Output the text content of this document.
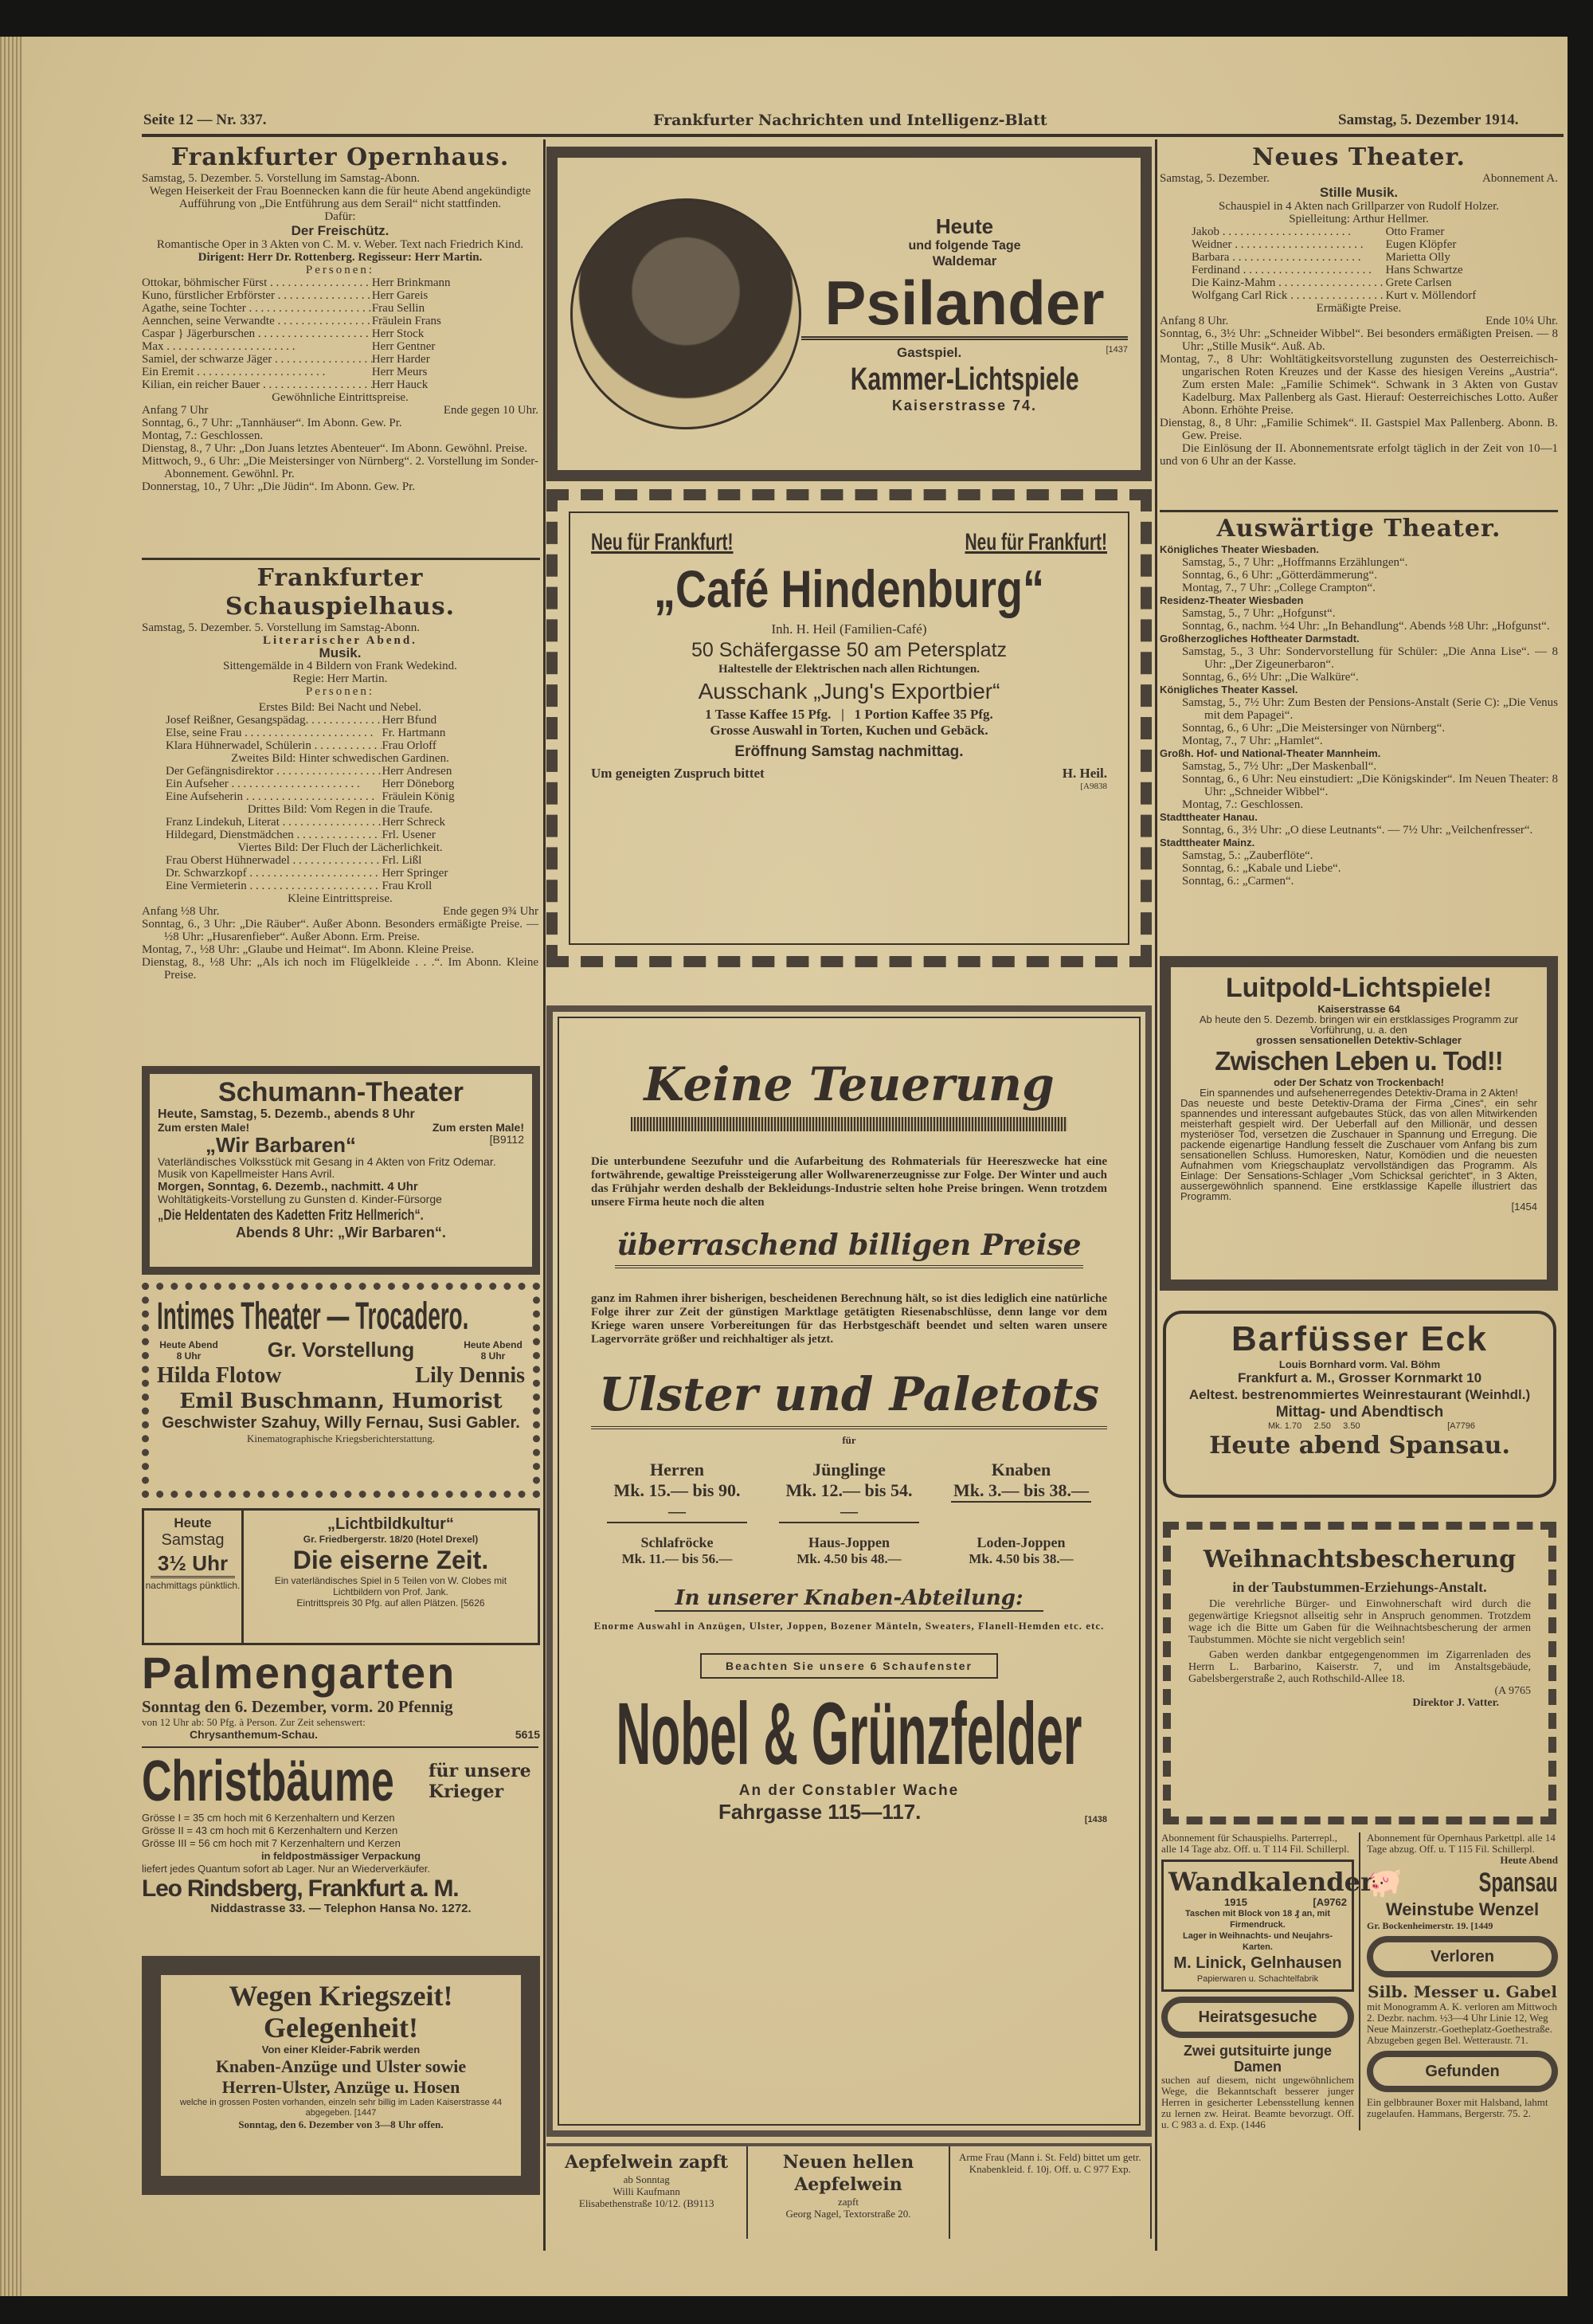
Seite 12 — Nr. 337.	Frankfurter Nachrichten und Intelligenz-Blatt	Samstag, 5. Dezember 1914.
Frankfurter Opernhaus.
Samstag, 5. Dezember. 5. Vorstellung im Samstag-Abonn.
Wegen Heiserkeit der Frau Boennecken kann die für heute Abend angekündigte Aufführung von „Die Entführung aus dem Serail“ nicht stattfinden.
Dafür:
Der Freischütz.
Romantische Oper in 3 Akten von C. M. v. Weber. Text nach Friedrich Kind.
Dirigent: Herr Dr. Rottenberg. Regisseur: Herr Martin.
Personen:
Ottokar, böhmischer Fürst . . .	Herr Brinkmann
Kuno, fürstlicher Erbförster . . .	Herr Gareis
Agathe, seine Tochter . . .	Frau Sellin
Aennchen, seine Verwandte . . .	Fräulein Frans
Caspar } Jägerburschen . . .	Herr Stock
Max . . .	Herr Gentner
Samiel, der schwarze Jäger . . .	Herr Harder
Ein Eremit . . .	Herr Meurs
Kilian, ein reicher Bauer . . .	Herr Hauck
Gewöhnliche Eintrittspreise.
Anfang 7 Uhr	Ende gegen 10 Uhr.
Sonntag, 6., 7 Uhr: „Tannhäuser“. Im Abonn. Gew. Pr.
Montag, 7.: Geschlossen.
Dienstag, 8., 7 Uhr: „Don Juans letztes Abenteuer“. Im Abonn. Gewöhnl. Preise.
Mittwoch, 9., 6 Uhr: „Die Meistersinger von Nürnberg“. 2. Vorstellung im Sonder-Abonnement. Gewöhnl. Pr.
Donnerstag, 10., 7 Uhr: „Die Jüdin“. Im Abonn. Gew. Pr.
Frankfurter Schauspielhaus.
Samstag, 5. Dezember. 5. Vorstellung im Samstag-Abonn.
Literarischer Abend.
Musik.
Sittengemälde in 4 Bildern von Frank Wedekind.
Regie: Herr Martin.
Personen:
Erstes Bild: Bei Nacht und Nebel.
Josef Reißner, Gesangspädag. . . .	Herr Bfund
Else, seine Frau . . .	Fr. Hartmann
Klara Hühnerwadel, Schülerin . . .	Frau Orloff
Zweites Bild: Hinter schwedischen Gardinen.
Der Gefängnisdirektor . . .	Herr Andresen
Ein Aufseher . . .	Herr Döneborg
Eine Aufseherin . . .	Fräulein König
Drittes Bild: Vom Regen in die Traufe.
Franz Lindekuh, Literat . . .	Herr Schreck
Hildegard, Dienstmädchen . . .	Frl. Usener
Viertes Bild: Der Fluch der Lächerlichkeit.
Frau Oberst Hühnerwadel . . .	Frl. Lißl
Dr. Schwarzkopf . . .	Herr Springer
Eine Vermieterin . . .	Frau Kroll
Kleine Eintrittspreise.
Anfang ½8 Uhr.	Ende gegen 9¾ Uhr
Sonntag, 6., 3 Uhr: „Die Räuber“. Außer Abonn. Besonders ermäßigte Preise. — ½8 Uhr: „Husarenfieber“. Außer Abonn. Erm. Preise.
Montag, 7., ½8 Uhr: „Glaube und Heimat“. Im Abonn. Kleine Preise.
Dienstag, 8., ½8 Uhr: „Als ich noch im Flügelkleide . . .“. Im Abonn. Kleine Preise.
Schumann-Theater
Heute, Samstag, 5. Dezemb., abends 8 Uhr
Zum ersten Male!	Zum ersten Male!
„Wir Barbaren“	[B9112
Vaterländisches Volksstück mit Gesang in 4 Akten von Fritz Odemar. Musik von Kapellmeister Hans Avril.
Morgen, Sonntag, 6. Dezemb., nachmitt. 4 Uhr
Wohltätigkeits-Vorstellung zu Gunsten d. Kinder-Fürsorge
„Die Heldentaten des Kadetten Fritz Hellmerich“.
Abends 8 Uhr: „Wir Barbaren“.
Intimes Theater — Trocadero.
Heute Abend 8 Uhr	Gr. Vorstellung	Heute Abend 8 Uhr
Hilda Flotow	Lily Dennis
Emil Buschmann, Humorist
Geschwister Szahuy, Willy Fernau, Susi Gabler.
Kinematographische Kriegsberichterstattung.
Heute
Samstag
3½ Uhr
nachmittags pünktlich.
„Lichtbildkultur“
Gr. Friedbergerstr. 18/20 (Hotel Drexel)
Die eiserne Zeit.
Ein vaterländisches Spiel in 5 Teilen von W. Clobes mit Lichtbildern von Prof. Jank.
Eintrittspreis 30 Pfg. auf allen Plätzen. [5626
Palmengarten
Sonntag den 6. Dezember, vorm. 20 Pfennig
von 12 Uhr ab: 50 Pfg. à Person. Zur Zeit sehenswert:
Chrysanthemum-Schau.	5615
Christbäume für unsere Krieger
Grösse I = 35 cm hoch mit 6 Kerzenhaltern und Kerzen
Grösse II = 43 cm hoch mit 6 Kerzenhaltern und Kerzen
Grösse III = 56 cm hoch mit 7 Kerzenhaltern und Kerzen
in feldpostmässiger Verpackung
liefert jedes Quantum sofort ab Lager. Nur an Wiederverkäufer.
Leo Rindsberg, Frankfurt a. M.
Niddastrasse 33. — Telephon Hansa No. 1272.
Wegen Kriegszeit!
Gelegenheit!
Von einer Kleider-Fabrik werden
Knaben-Anzüge und Ulster sowie
Herren-Ulster, Anzüge u. Hosen
welche in grossen Posten vorhanden, einzeln sehr billig im Laden Kaiserstrasse 44 abgegeben. [1447
Sonntag, den 6. Dezember von 3—8 Uhr offen.
Heute
und folgende Tage
Waldemar
Psilander
Gastspiel.	[1437
Kammer-Lichtspiele
Kaiserstrasse 74.
Neu für Frankfurt!	Neu für Frankfurt!
„Café Hindenburg“
Inh. H. Heil (Familien-Café)
50 Schäfergasse 50 am Petersplatz
Haltestelle der Elektrischen nach allen Richtungen.
Ausschank „Jung's Exportbier“
1 Tasse Kaffee 15 Pfg.   |   1 Portion Kaffee 35 Pfg.
Grosse Auswahl in Torten, Kuchen und Gebäck.
Eröffnung Samstag nachmittag.
Um geneigten Zuspruch bittet	H. Heil.
[A9838
Keine Teuerung
Die unterbundene Seezufuhr und die Aufarbeitung des Rohmaterials für Heereszwecke hat eine fortwährende, gewaltige Preissteigerung aller Wollwarenerzeugnisse zur Folge. Der Winter und auch das Frühjahr werden deshalb der Bekleidungs-Industrie selten hohe Preise bringen. Wenn trotzdem unsere Firma heute noch die alten
überraschend billigen Preise
ganz im Rahmen ihrer bisherigen, bescheidenen Berechnung hält, so ist dies lediglich eine natürliche Folge ihrer zur Zeit der günstigen Marktlage getätigten Riesenabschlüsse, denn lange vor dem Kriege waren unsere Vorbereitungen für das Herbstgeschäft beendet und selten waren unsere Lagervorräte größer und reichhaltiger als jetzt.
Ulster und Paletots
für
Herren
Mk. 15.— bis 90.—
Jünglinge
Mk. 12.— bis 54.—
Knaben
Mk. 3.— bis 38.—
Schlafröcke
Mk. 11.— bis 56.—
Haus-Joppen
Mk. 4.50 bis 48.—
Loden-Joppen
Mk. 4.50 bis 38.—
In unserer Knaben-Abteilung:
Enorme Auswahl in Anzügen, Ulster, Joppen, Bozener Mänteln, Sweaters, Flanell-Hemden etc. etc.
Beachten Sie unsere 6 Schaufenster
Nobel & Grünzfelder
An der Constabler Wache
Fahrgasse 115—117.	[1438
Aepfelwein zapft
ab Sonntag
Willi Kaufmann
Elisabethenstraße 10/12. (B9113
Neuen hellen Aepfelwein
zapft
Georg Nagel, Textorstraße 20.
Arme Frau (Mann i. St. Feld) bittet um getr. Knabenkleid. f. 10j. Off. u. C 977 Exp.
Neues Theater.
Samstag, 5. Dezember.	Abonnement A.
Stille Musik.
Schauspiel in 4 Akten nach Grillparzer von Rudolf Holzer.
Spielleitung: Arthur Hellmer.
Jakob . . .	Otto Framer
Weidner . . .	Eugen Klöpfer
Barbara . . .	Marietta Olly
Ferdinand . . .	Hans Schwartze
Die Kainz-Mahm . . .	Grete Carlsen
Wolfgang Carl Rick . . .	Kurt v. Möllendorf
Ermäßigte Preise.
Anfang 8 Uhr.	Ende 10¼ Uhr.
Sonntag, 6., 3½ Uhr: „Schneider Wibbel“. Bei besonders ermäßigten Preisen. — 8 Uhr: „Stille Musik“. Auß. Ab.
Montag, 7., 8 Uhr: Wohltätigkeitsvorstellung zugunsten des Oesterreichisch-ungarischen Roten Kreuzes und der Kasse des hiesigen Vereins „Austria“. Zum ersten Male: „Familie Schimek“. Schwank in 3 Akten von Gustav Kadelburg. Max Pallenberg als Gast. Hierauf: Oesterreichisches Lotto. Außer Abonn. Erhöhte Preise.
Dienstag, 8., 8 Uhr: „Familie Schimek“. II. Gastspiel Max Pallenberg. Abonn. B. Gew. Preise.
Die Einlösung der II. Abonnementsrate erfolgt täglich in der Zeit von 10—1 und von 6 Uhr an der Kasse.
Auswärtige Theater.
Königliches Theater Wiesbaden.
Samstag, 5., 7 Uhr: „Hoffmanns Erzählungen“.
Sonntag, 6., 6 Uhr: „Götterdämmerung“.
Montag, 7., 7 Uhr: „College Crampton“.
Residenz-Theater Wiesbaden
Samstag, 5., 7 Uhr: „Hofgunst“.
Sonntag, 6., nachm. ½4 Uhr: „In Behandlung“. Abends ½8 Uhr: „Hofgunst“.
Großherzogliches Hoftheater Darmstadt.
Samstag, 5., 3 Uhr: Sondervorstellung für Schüler: „Die Anna Lise“. — 8 Uhr: „Der Zigeunerbaron“.
Sonntag, 6., 6½ Uhr: „Die Walküre“.
Königliches Theater Kassel.
Samstag, 5., 7½ Uhr: Zum Besten der Pensions-Anstalt (Serie C): „Die Venus mit dem Papagei“.
Sonntag, 6., 6 Uhr: „Die Meistersinger von Nürnberg“.
Montag, 7., 7 Uhr: „Hamlet“.
Großh. Hof- und National-Theater Mannheim.
Samstag, 5., 7½ Uhr: „Der Maskenball“.
Sonntag, 6., 6 Uhr: Neu einstudiert: „Die Königskinder“. Im Neuen Theater: 8 Uhr: „Schneider Wibbel“.
Montag, 7.: Geschlossen.
Stadttheater Hanau.
Sonntag, 6., 3½ Uhr: „O diese Leutnants“. — 7½ Uhr: „Veilchenfresser“.
Stadttheater Mainz.
Samstag, 5.: „Zauberflöte“.
Sonntag, 6.: „Kabale und Liebe“.
Sonntag, 6.: „Carmen“.
Luitpold-Lichtspiele!
Kaiserstrasse 64
Ab heute den 5. Dezemb. bringen wir ein erstklassiges Programm zur Vorführung, u. a. den
grossen sensationellen Detektiv-Schlager
Zwischen Leben u. Tod!!
oder Der Schatz von Trockenbach!
Ein spannendes und aufsehenerregendes Detektiv-Drama in 2 Akten!
Das neueste und beste Detektiv-Drama der Firma „Cines“, ein sehr spannendes und interessant aufgebautes Stück, das von allen Mitwirkenden meisterhaft gespielt wird. Der Ueberfall auf den Millionär, und dessen mysteriöser Tod, versetzen die Zuschauer in Spannung und Erregung. Die packende eigenartige Handlung fesselt die Zuschauer vom Anfang bis zum sensationellen Schluss. Humoresken, Natur, Komödien und die neuesten Aufnahmen vom Kriegschauplatz vervollständigen das Programm. Als Einlage: Der Sensations-Schlager „Vom Schicksal gerichtet“, in 3 Akten, aussergewöhnlich spannend. Eine erstklassige Kapelle illustriert das Programm.
[1454
Barfüsser Eck
Louis Bornhard vorm. Val. Böhm
Frankfurt a. M., Grosser Kornmarkt 10
Aeltest. bestrenommiertes Weinrestaurant (Weinhdl.)
Mittag- und Abendtisch
Mk. 1.70     2.50     3.50	[A7796
Heute abend Spansau.
Weihnachtsbescherung
in der Taubstummen-Erziehungs-Anstalt.
Die verehrliche Bürger- und Einwohnerschaft wird durch die gegenwärtige Kriegsnot allseitig sehr in Anspruch genommen. Trotzdem wage ich die Bitte um Gaben für die Weihnachtsbescherung der armen Taubstummen. Möchte sie nicht vergeblich sein!
Gaben werden dankbar entgegengenommen im Zigarrenladen des Herrn L. Barbarino, Kaiserstr. 7, und im Anstaltsgebäude, Gabelsbergerstraße 2, auch Rothschild-Allee 18.
(A 9765
Direktor J. Vatter.
Abonnement für Schauspielhs. Parterrepl., alle 14 Tage abz. Off. u. T 114 Fil. Schillerpl.
Wandkalender
1915	[A9762
Taschen mit Block von 18 ₰ an, mit Firmendruck.
Lager in Weihnachts- und Neujahrs-Karten.
M. Linick, Gelnhausen
Papierwaren u. Schachtelfabrik
Heiratsgesuche
Zwei gutsituirte junge Damen
suchen auf diesem, nicht ungewöhnlichem Wege, die Bekanntschaft besserer junger Herren in gesicherter Lebensstellung kennen zu lernen zw. Heirat. Beamte bevorzugt. Off. u. C 983 a. d. Exp. (1446
Abonnement für Opernhaus Parkettpl. alle 14 Tage abzug. Off. u. T 115 Fil. Schillerpl.
Heute Abend
🐖	Spansau
Weinstube Wenzel
Gr. Bockenheimerstr. 19. [1449
Verloren
Silb. Messer u. Gabel
mit Monogramm A. K. verloren am Mittwoch 2. Dezbr. nachm. ½3—4 Uhr Linie 12, Weg Neue Mainzerstr.-Goetheplatz-Goethestraße. Abzugeben gegen Bel. Wetteraustr. 71.
Gefunden
Ein gelbbrauner Boxer mit Halsband, lahmt zugelaufen. Hammans, Bergerstr. 75. 2.
